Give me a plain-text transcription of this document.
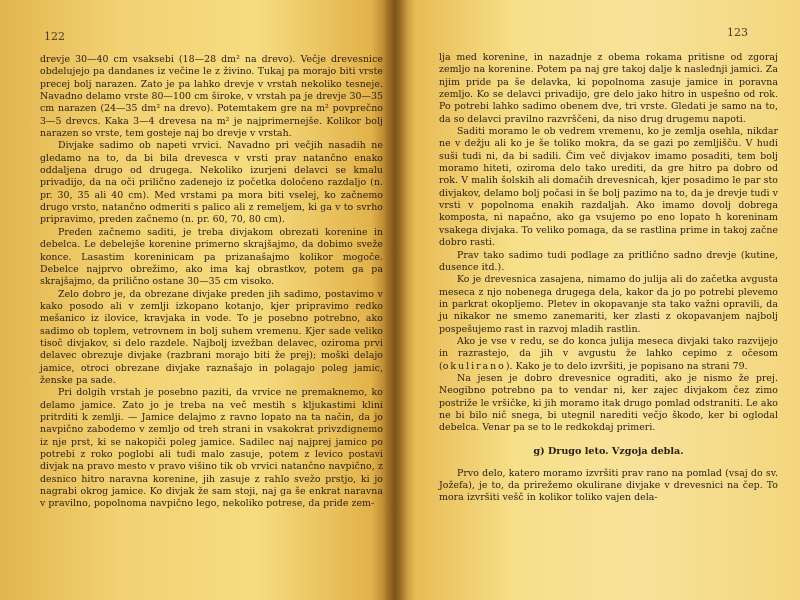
122

drevje 30—40 cm vsaksebi (18—28 dm² na drevo). Večje drevesnice obdelujejo pa dandanes iz večine le z živino. Tukaj pa morajo biti vrste precej bolj narazen. Zato je pa lahko drevje v vrstah nekoliko tesneje. Navadno delamo vrste 80—100 cm široke, v vrstah pa je drevje 30—35 cm narazen (24—35 dm² na drevo). Potemtakem gre na m² povprečno 3—5 drevcs. Kaka 3—4 drevesa na m² je najprimernejše. Kolikor bolj narazen so vrste, tem gosteje naj bo drevje v vrstah.

Divjake sadimo ob napeti vrvici. Navadno pri večjih nasadih ne gledamo na to, da bi bila drevesca v vrsti prav natančno enako oddaljena drugo od drugega. Nekoliko izurjeni delavci se kmalu privadijo, da na oči prilično zadenejo iz početka določeno razdaljo (n. pr. 30, 35 ali 40 cm). Med vrstami pa mora biti vselej, ko začnemo drugo vrsto, natančno odmeriti s palico ali z remeljem, ki ga v to svrho pripravimo, preden začnemo (n. pr. 60, 70, 80 cm).

Preden začnemo saditi, je treba divjakom obrezati korenine in debelca. Le debelejše korenine primerno skrajšajmo, da dobimo sveže konce. Lasastim koreninicam pa prizanašajmo kolikor mogoče. Debelce najprvo obrežimo, ako ima kaj obrastkov, potem ga pa skrajšajmo, da prilično ostane 30—35 cm visoko.

Zelo dobro je, da obrezane divjake preden jih sadimo, postavimo v kako posodo ali v zemlji izkopano kotanjo, kjer pripravimo redko mešanico iz ilovice, kravjaka in vode. To je posebno potrebno, ako sadimo ob toplem, vetrovnem in bolj suhem vremenu. Kjer sade veliko tisoč divjakov, si delo razdele. Najbolj izvežban delavec, oziroma prvi delavec obrezuje divjake (razbrani morajo biti že prej); moški delajo jamice, otroci obrezane divjake raznašajo in polagajo poleg jamic, ženske pa sade.

Pri dolgih vrstah je posebno paziti, da vrvice ne premaknemo, ko delamo jamice. Zato jo je treba na več mestih s kljukastimi klini pritrditi k zemlji. — Jamice delajmo z ravno lopato na ta način, da jo navpično zabodemo v zemljo od treh strani in vsakokrat privzdignemo iz nje prst, ki se nakopiči poleg jamice. Sadilec naj najprej jamico po potrebi z roko poglobi ali tudi malo zasuje, potem z levico postavi divjak na pravo mesto v pravo višino tik ob vrvici natančno navpično, z desnico hitro naravna korenine, jih zasuje z rahlo svežo prstjo, ki jo nagrabi okrog jamice. Ko divjak že sam stoji, naj ga še enkrat naravna v pravilno, popolnoma navpično lego, nekoliko potrese, da pride zem-

123

lja med korenine, in nazadnje z obema rokama pritisne od zgoraj zemljo na korenine. Potem pa naj gre takoj dalje k naslednji jamici. Za njim pride pa še delavka, ki popolnoma zasuje jamice in poravna zemljo. Ko se delavci privadijo, gre delo jako hitro in uspešno od rok. Po potrebi lahko sadimo obenem dve, tri vrste. Gledati je samo na to, da so delavci pravilno razvrščeni, da niso drug drugemu napoti.

Saditi moramo le ob vedrem vremenu, ko je zemlja osehla, nikdar ne v dežju ali ko je še toliko mokra, da se gazi po zemljišču. V hudi suši tudi ni, da bi sadili. Čim več divjakov imamo posaditi, tem bolj moramo hiteti, oziroma delo tako urediti, da gre hitro pa dobro od rok. V malih šolskih ali domačih drevesnicah, kjer posadimo le par sto divjakov, delamo bolj počasi in še bolj pazimo na to, da je drevje tudi v vrsti v popolnoma enakih razdaljah. Ako imamo dovolj dobrega komposta, ni napačno, ako ga vsujemo po eno lopato h koreninam vsakega divjaka. To veliko pomaga, da se rastlina prime in takoj začne dobro rasti.

Prav tako sadimo tudi podlage za pritlično sadno drevje (kutine, dusence itd.).

Ko je drevesnica zasajena, nimamo do julija ali do začetka avgusta meseca z njo nobenega drugega dela, kakor da jo po potrebi plevemo in parkrat okopljemo. Pletev in okopavanje sta tako važni opravili, da ju nikakor ne smemo zanemariti, ker zlasti z okopavanjem najbolj pospešujemo rast in razvoj mladih rastlin.

Ako je vse v redu, se do konca julija meseca divjaki tako razvijejo in razrastejo, da jih v avgustu že lahko cepimo z očesom (okulirano). Kako je to delo izvršiti, je popisano na strani 79.

Na jesen je dobro drevesnice ograditi, ako je nismo že prej. Neogibno potrebno pa to vendar ni, ker zajec divjakom čez zimo postriže le vršičke, ki jih moramo itak drugo pomlad odstraniti. Le ako ne bi bilo nič snega, bi utegnil narediti večjo škodo, ker bi oglodal debelca. Venar pa se to le redkokdaj primeri.

g) Drugo leto. Vzgoja debla.

Prvo delo, katero moramo izvršiti prav rano na pomlad (vsaj do sv. Jožefa), je to, da prirežemo okulirane divjake v drevesnici na čep. To mora izvršiti vešč in kolikor toliko vajen dela-
